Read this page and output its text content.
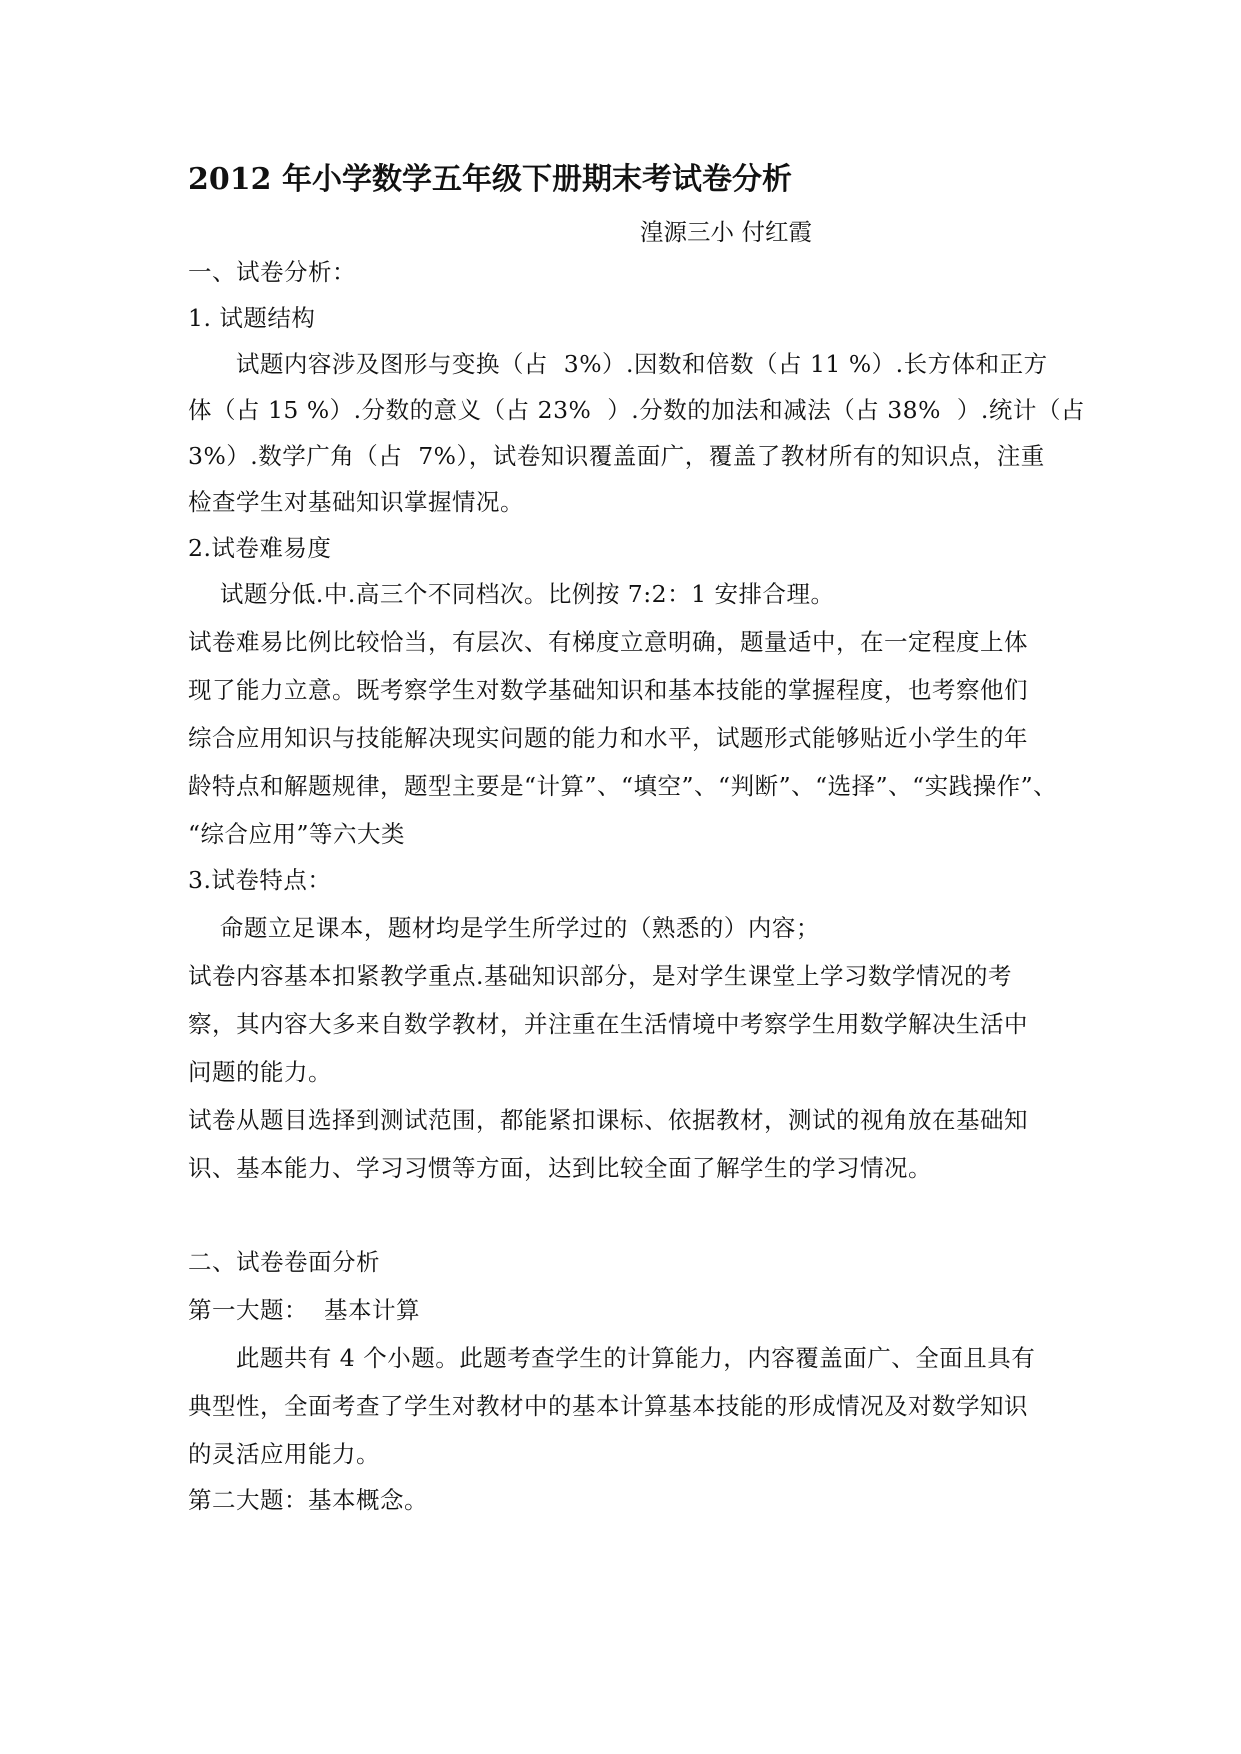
2012 年小学数学五年级下册期末考试卷分析
湟源三小 付红霞
一、试卷分析：
1. 试题结构
试题内容涉及图形与变换（占  3%）.因数和倍数（占 11 %）.长方体和正方
体（占 15 %）.分数的意义（占 23%  ）.分数的加法和减法（占 38%  ）.统计（占
3%）.数学广角（占  7%），试卷知识覆盖面广，覆盖了教材所有的知识点，注重
检查学生对基础知识掌握情况。
2.试卷难易度
试题分低.中.高三个不同档次。比例按 7:2：1 安排合理。
试卷难易比例比较恰当，有层次、有梯度立意明确，题量适中，在一定程度上体
现了能力立意。既考察学生对数学基础知识和基本技能的掌握程度，也考察他们
综合应用知识与技能解决现实问题的能力和水平，试题形式能够贴近小学生的年
龄特点和解题规律，题型主要是“计算”、“填空”、“判断”、“选择”、“实践操作”、
“综合应用”等六大类
3.试卷特点：
命题立足课本，题材均是学生所学过的（熟悉的）内容；
试卷内容基本扣紧教学重点.基础知识部分，是对学生课堂上学习数学情况的考
察，其内容大多来自数学教材，并注重在生活情境中考察学生用数学解决生活中
问题的能力。
试卷从题目选择到测试范围，都能紧扣课标、依据教材，测试的视角放在基础知
识、基本能力、学习习惯等方面，达到比较全面了解学生的学习情况。
二、试卷卷面分析
第一大题：  基本计算
此题共有 4 个小题。此题考查学生的计算能力，内容覆盖面广、全面且具有
典型性，全面考查了学生对教材中的基本计算基本技能的形成情况及对数学知识
的灵活应用能力。
第二大题：基本概念。
